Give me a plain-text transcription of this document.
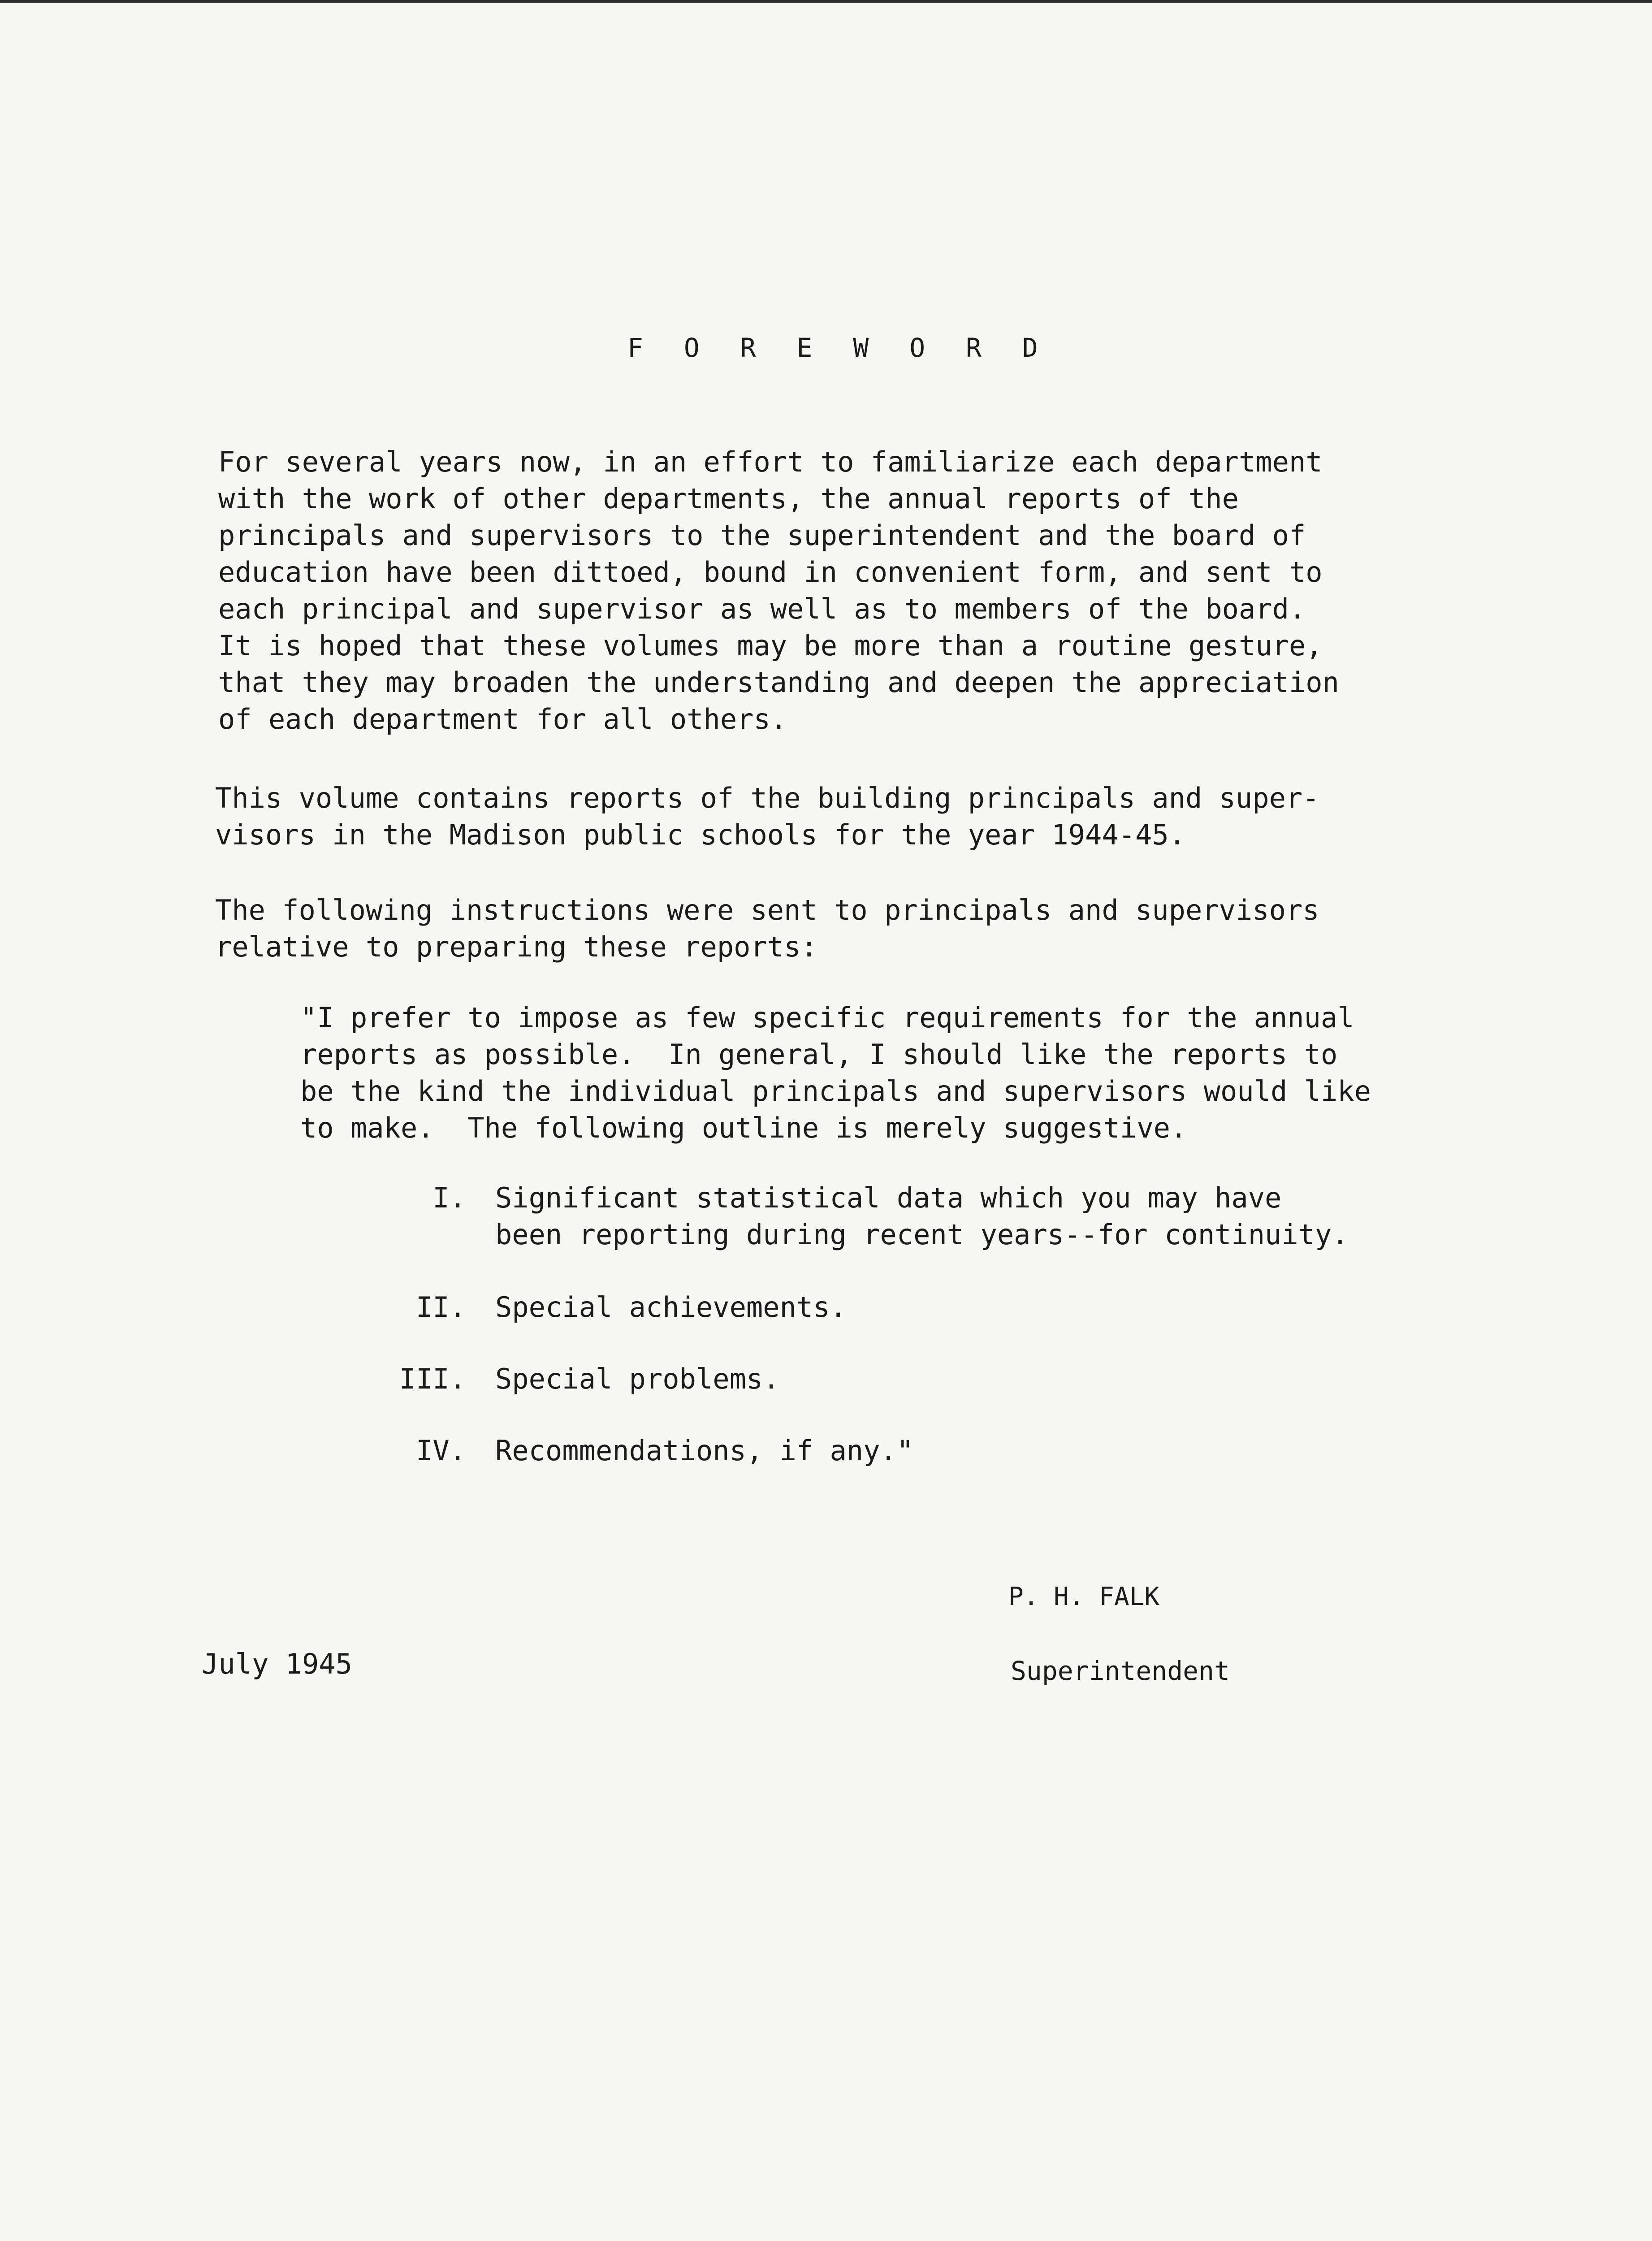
F O R E W O R D

For several years now, in an effort to familiarize each department
with the work of other departments, the annual reports of the
principals and supervisors to the superintendent and the board of
education have been dittoed, bound in convenient form, and sent to
each principal and supervisor as well as to members of the board.
It is hoped that these volumes may be more than a routine gesture,
that they may broaden the understanding and deepen the appreciation
of each department for all others.

This volume contains reports of the building principals and super-
visors in the Madison public schools for the year 1944-45.

The following instructions were sent to principals and supervisors
relative to preparing these reports:

"I prefer to impose as few specific requirements for the annual
reports as possible.  In general, I should like the reports to
be the kind the individual principals and supervisors would like
to make.  The following outline is merely suggestive.

I. Significant statistical data which you may have
been reporting during recent years--for continuity.

II. Special achievements.

III. Special problems.

IV. Recommendations, if any."

P. H. FALK
Superintendent
July 1945
